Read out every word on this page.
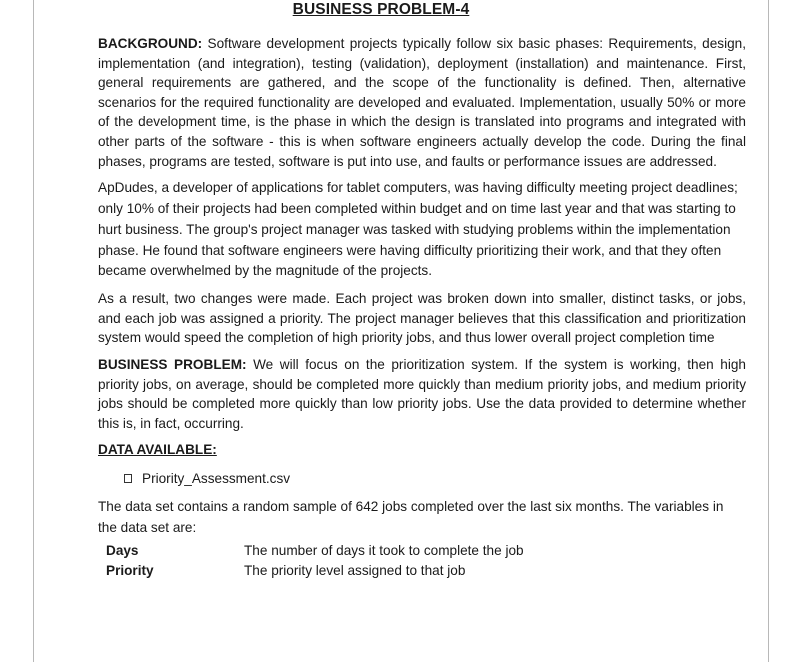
BUSINESS PROBLEM-4

BACKGROUND: Software development projects typically follow six basic phases: Requirements, design, implementation (and integration), testing (validation), deployment (installation) and maintenance. First, general requirements are gathered, and the scope of the functionality is defined. Then, alternative scenarios for the required functionality are developed and evaluated. Implementation, usually 50% or more of the development time, is the phase in which the design is translated into programs and integrated with other parts of the software - this is when software engineers actually develop the code. During the final phases, programs are tested, software is put into use, and faults or performance issues are addressed.

ApDudes, a developer of applications for tablet computers, was having difficulty meeting project deadlines; only 10% of their projects had been completed within budget and on time last year and that was starting to hurt business. The group's project manager was tasked with studying problems within the implementation phase. He found that software engineers were having difficulty prioritizing their work, and that they often became overwhelmed by the magnitude of the projects.

As a result, two changes were made. Each project was broken down into smaller, distinct tasks, or jobs, and each job was assigned a priority. The project manager believes that this classification and prioritization system would speed the completion of high priority jobs, and thus lower overall project completion time

BUSINESS PROBLEM: We will focus on the prioritization system. If the system is working, then high priority jobs, on average, should be completed more quickly than medium priority jobs, and medium priority jobs should be completed more quickly than low priority jobs. Use the data provided to determine whether this is, in fact, occurring.

DATA AVAILABLE:
Priority_Assessment.csv

The data set contains a random sample of 642 jobs completed over the last six months. The variables in the data set are:

Days	The number of days it took to complete the job
Priority	The priority level assigned to that job
